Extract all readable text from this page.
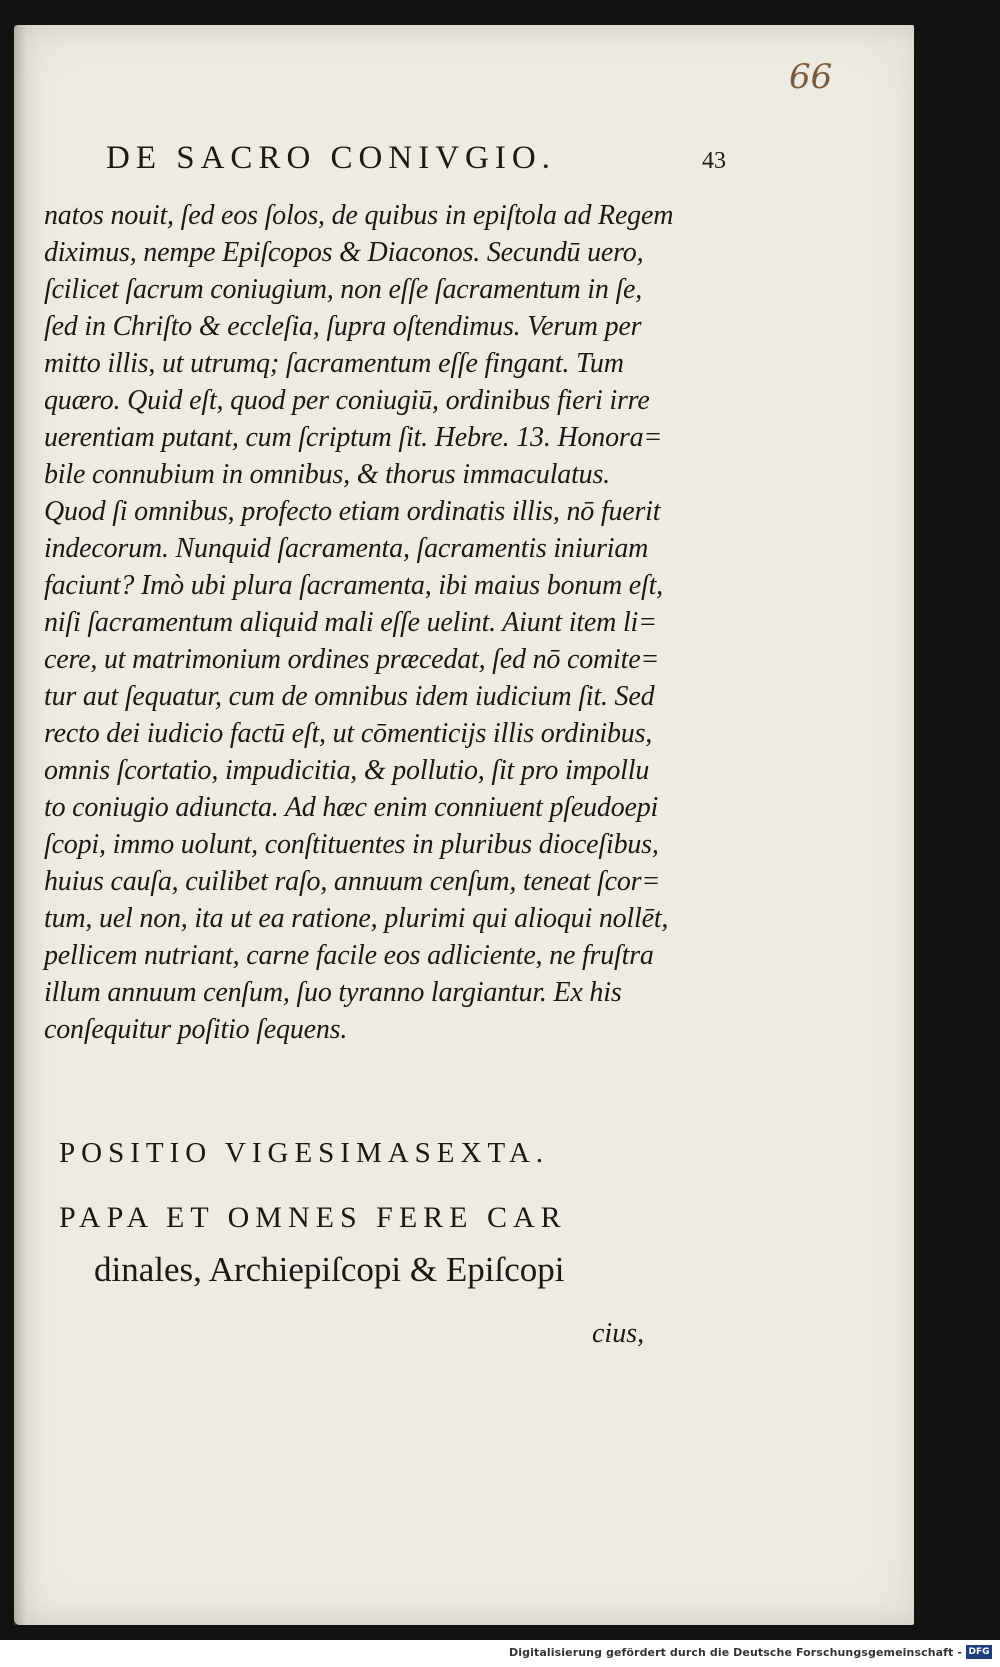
66
DE SACRO CONIVGIO.	43
natos nouit, ſed eos ſolos, de quibus in epiſtola ad Regem
diximus, nempe Epiſcopos & Diaconos. Secundū uero,
ſcilicet ſacrum coniugium, non eſſe ſacramentum in ſe,
ſed in Chriſto & eccleſia, ſupra oſtendimus. Verum per
mitto illis, ut utrumq; ſacramentum eſſe fingant. Tum
quæro. Quid eſt, quod per coniugiū, ordinibus fieri irre
uerentiam putant, cum ſcriptum ſit. Hebre. 13. Honora=
bile connubium in omnibus, & thorus immaculatus.
Quod ſi omnibus, profecto etiam ordinatis illis, nō fuerit
indecorum. Nunquid ſacramenta, ſacramentis iniuriam
faciunt? Imò ubi plura ſacramenta, ibi maius bonum eſt,
niſi ſacramentum aliquid mali eſſe uelint. Aiunt item li=
cere, ut matrimonium ordines præcedat, ſed nō comite=
tur aut ſequatur, cum de omnibus idem iudicium ſit. Sed
recto dei iudicio factū eſt, ut cōmenticijs illis ordinibus,
omnis ſcortatio, impudicitia, & pollutio, ſit pro impollu
to coniugio adiuncta. Ad hæc enim conniuent pſeudoepi
ſcopi, immo uolunt, conſtituentes in pluribus dioceſibus,
huius cauſa, cuilibet raſo, annuum cenſum, teneat ſcor=
tum, uel non, ita ut ea ratione, plurimi qui alioqui nollēt,
pellicem nutriant, carne facile eos adliciente, ne fruſtra
illum annuum cenſum, ſuo tyranno largiantur. Ex his
conſequitur poſitio ſequens.
POSITIO VIGESIMASEXTA.
PAPA ET OMNES FERE CAR
dinales, Archiepiſcopi & Epiſcopi
cius,
Digitalisierung gefördert durch die Deutsche Forschungsgemeinschaft - DFG
